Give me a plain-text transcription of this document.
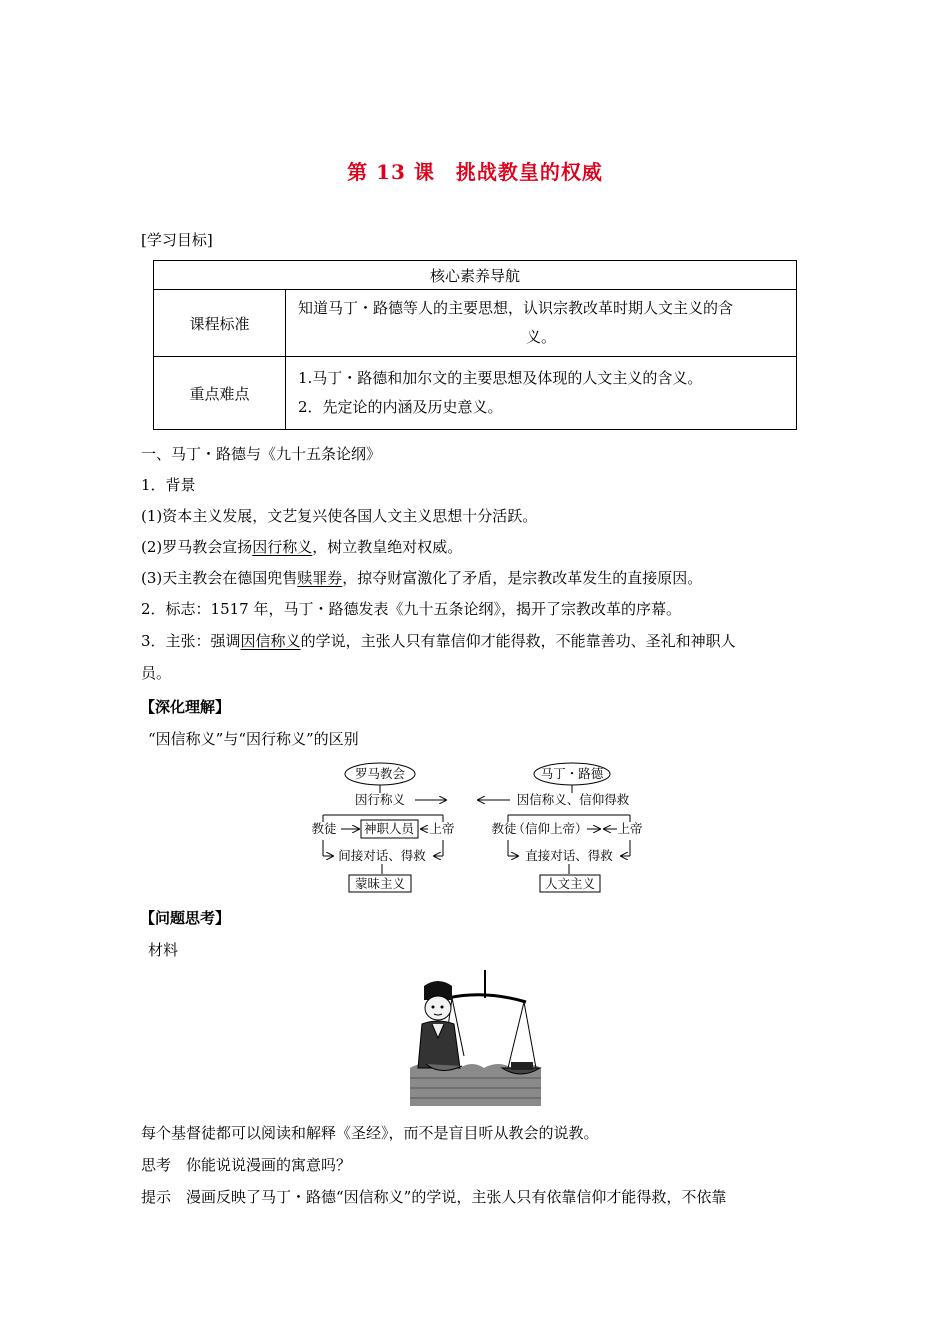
第 13 课　挑战教皇的权威
[学习目标]
核心素养导航	
课程标准	知道马丁・路德等人的主要思想，认识宗教改革时期人文主义的含
义。

重点难点	1.马丁・路德和加尔文的主要思想及体现的人文主义的含义。
2．先定论的内涵及历史意义。
一、马丁・路德与《九十五条论纲》
1．背景
(1)资本主义发展，文艺复兴使各国人文主义思想十分活跃。
(2)罗马教会宣扬因行称义，树立教皇绝对权威。
(3)天主教会在德国兜售赎罪券，掠夺财富激化了矛盾，是宗教改革发生的直接原因。
2．标志：1517 年，马丁・路德发表《九十五条论纲》，揭开了宗教改革的序幕。
3．主张：强调因信称义的学说，主张人只有靠信仰才能得救，不能靠善功、圣礼和神职人
员。
【深化理解】
“因信称义”与“因行称义”的区别
罗马教会
因行称义
教徒 神职人员 上帝
间接对话、得救
蒙昧主义
马丁・路德
因信称义、信仰得救
教徒
（信仰上帝） 上帝
直接对话、得救
人文主义
【问题思考】
材料
每个基督徒都可以阅读和解释《圣经》，而不是盲目听从教会的说教。
思考　你能说说漫画的寓意吗？
提示　漫画反映了马丁・路德“因信称义”的学说，主张人只有依靠信仰才能得救，不依靠
